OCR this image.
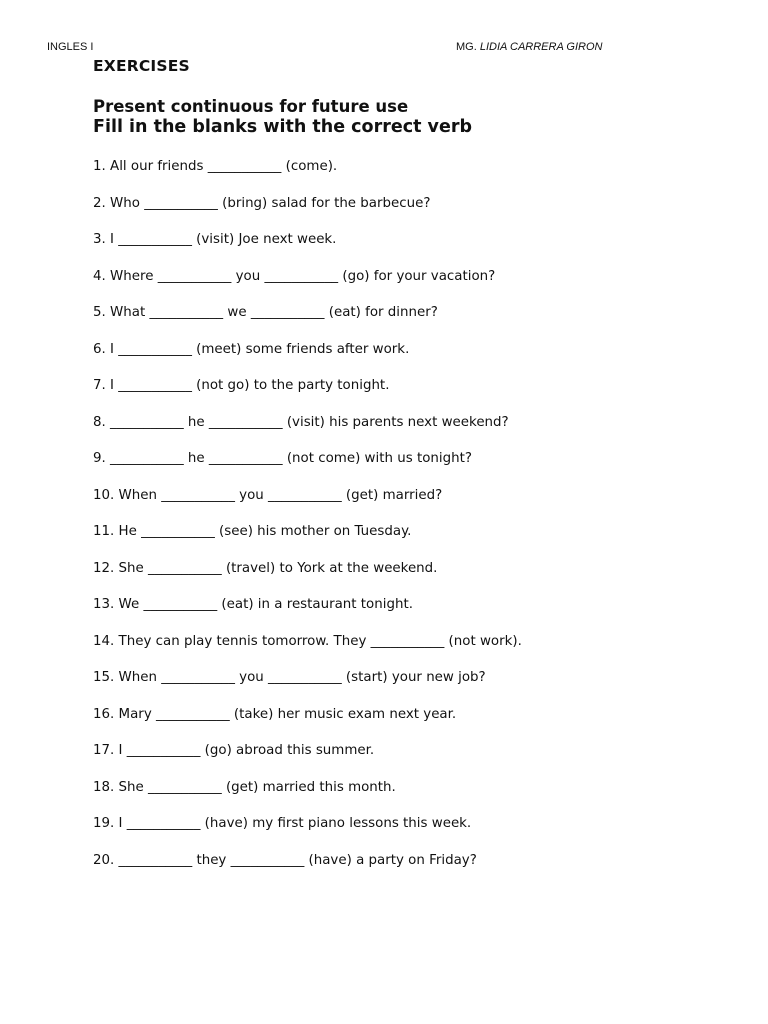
INGLES I	MG. LIDIA CARRERA GIRON
EXERCISES
Present continuous for future use
Fill in the blanks with the correct verb
1. All our friends ___________ (come).
2. Who ___________ (bring) salad for the barbecue?
3. I ___________ (visit) Joe next week.
4. Where ___________ you ___________ (go) for your vacation?
5. What ___________ we ___________ (eat) for dinner?
6. I ___________ (meet) some friends after work.
7. I ___________ (not go) to the party tonight.
8. ___________ he ___________ (visit) his parents next weekend?
9. ___________ he ___________ (not come) with us tonight?
10. When ___________ you ___________ (get) married?
11. He ___________ (see) his mother on Tuesday.
12. She ___________ (travel) to York at the weekend.
13. We ___________ (eat) in a restaurant tonight.
14. They can play tennis tomorrow. They ___________ (not work).
15. When ___________ you ___________ (start) your new job?
16. Mary ___________ (take) her music exam next year.
17. I ___________ (go) abroad this summer.
18. She ___________ (get) married this month.
19. I ___________ (have) my first piano lessons this week.
20. ___________ they ___________ (have) a party on Friday?
